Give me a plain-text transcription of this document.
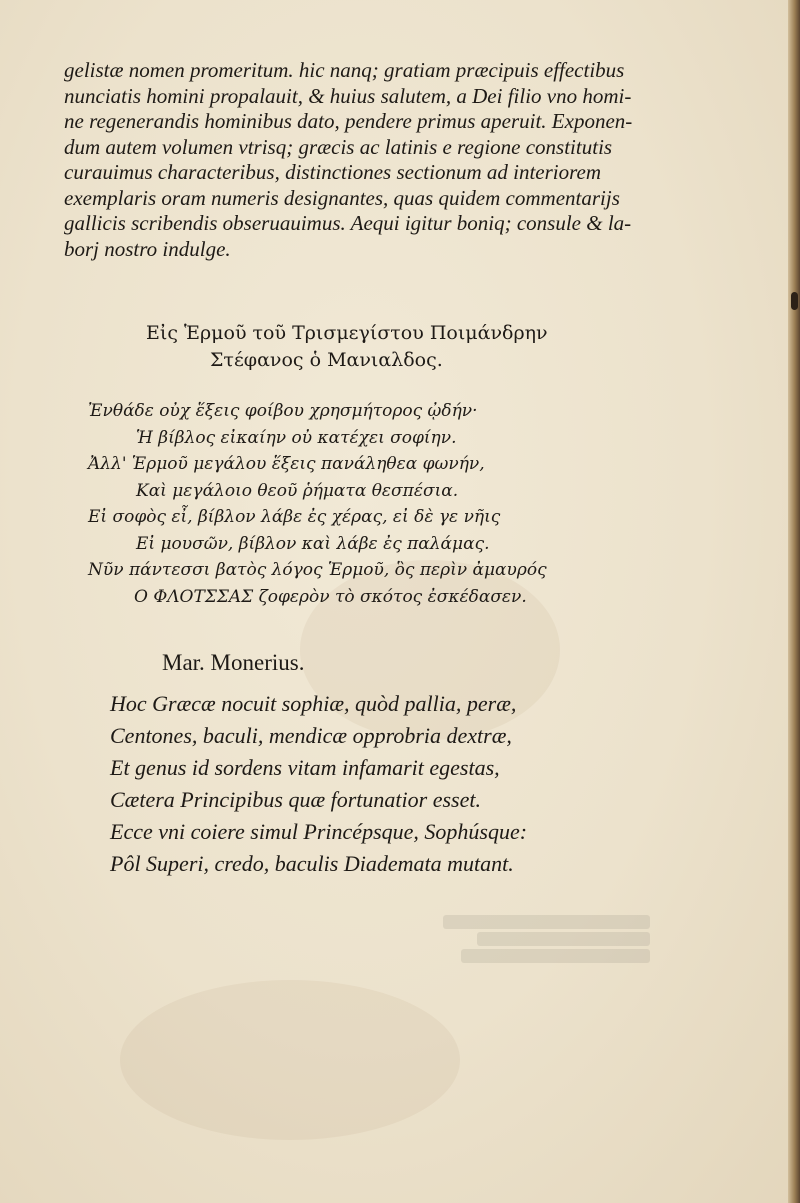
gelistæ nomen promeritum. hic nanq; gratiam præcipuis effectibus
nunciatis homini propalauit, & huius salutem, a Dei filio vno homi-
ne regenerandis hominibus dato, pendere primus aperuit. Exponen-
dum autem volumen vtrisq; græcis ac latinis e regione constitutis
curauimus characteribus, distinctiones sectionum ad interiorem
exemplaris oram numeris designantes, quas quidem commentarijs
gallicis scribendis obseruauimus. Aequi igitur boniq; consule & la-
borj nostro indulge.
Εἰς Ἑρμοῦ τοῦ Τρισμεγίστου Ποιμάνδρην
Στέφανος ὁ Μανιαλδος.
Ἐνθάδε οὐχ ἕξεις φοίβου χρησμήτορος ᾠδήν·
Ἡ βίβλος εἰκαίην οὐ κατέχει σοφίην.
Ἀλλ' Ἑρμοῦ μεγάλου ἕξεις πανάληθεα φωνήν,
Καὶ μεγάλοιο θεοῦ ῥήματα θεσπέσια.
Εἰ σοφὸς εἶ, βίβλον λάβε ἐς χέρας, εἰ δὲ γε νῆις
Εἰ μουσῶν, βίβλον καὶ λάβε ἐς παλάμας.
Νῦν πάντεσσι βατὸς λόγος Ἑρμοῦ, ὃς περὶν ἀμαυρός
Ο ΦΛΟΤΣΣΑΣ ζοφερὸν τὸ σκότος ἐσκέδασεν.
Mar. Monerius.
Hoc Græcæ nocuit sophiæ, quòd pallia, peræ,
Centones, baculi, mendicæ opprobria dextræ,
Et genus id sordens vitam infamarit egestas,
Cætera Principibus quæ fortunatior esset.
Ecce vni coiere simul Princépsque, Sophúsque:
Pôl Superi, credo, baculis Diademata mutant.
